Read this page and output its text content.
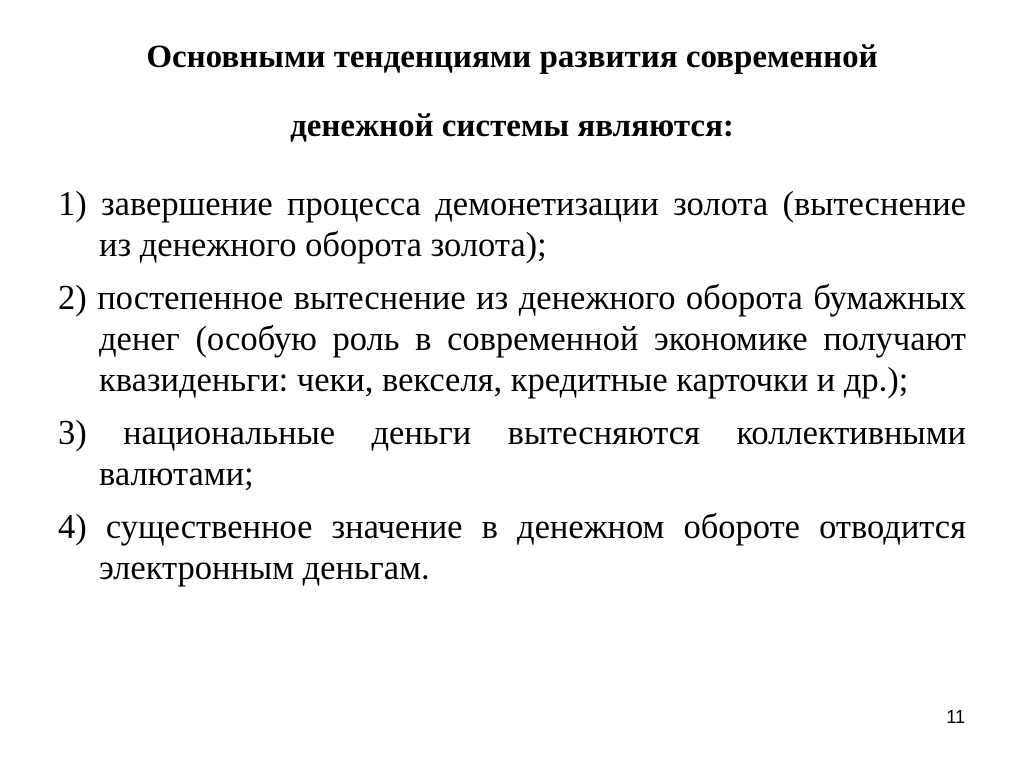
Основными тенденциями развития современной
денежной системы являются:
1) завершение процесса демонетизации золота (вытеснение из денежного оборота золота);
2) постепенное вытеснение из денежного оборота бумажных денег (особую роль в современной экономике получают квазиденьги: чеки, векселя, кредитные карточки и др.);
3) национальные деньги вытесняются коллективными валютами;
4) существенное значение в денежном обороте отводится электронным деньгам.
11
